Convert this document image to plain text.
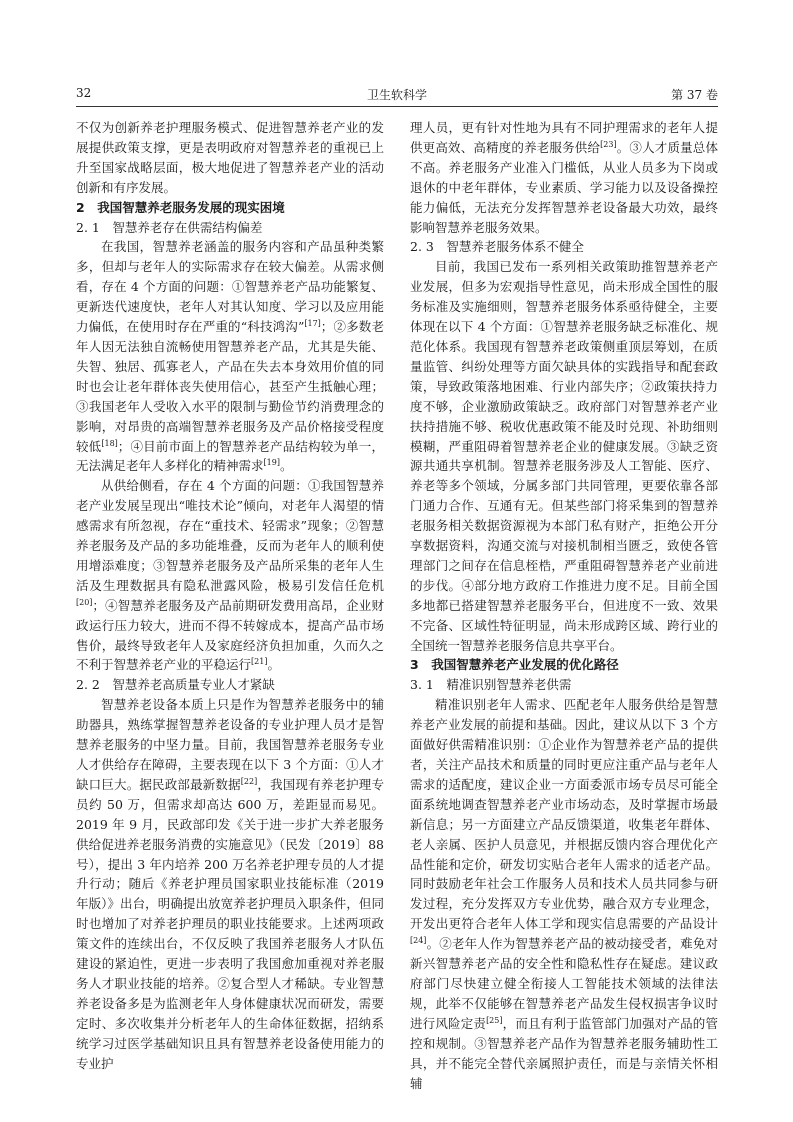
32	卫生软科学	第 37 卷

不仅为创新养老护理服务模式、促进智慧养老产业的发展提供政策支撑，更是表明政府对智慧养老的重视已上升至国家战略层面，极大地促进了智慧养老产业的活动创新和有序发展。

2　我国智慧养老服务发展的现实困境
2. 1　智慧养老存在供需结构偏差

在我国，智慧养老涵盖的服务内容和产品虽种类繁多，但却与老年人的实际需求存在较大偏差。从需求侧看，存在 4 个方面的问题：①智慧养老产品功能繁复、更新迭代速度快，老年人对其认知度、学习以及应用能力偏低，在使用时存在严重的“科技鸿沟”[17]；②多数老年人因无法独自流畅使用智慧养老产品，尤其是失能、失智、独居、孤寡老人，产品在失去本身效用价值的同时也会让老年群体丧失使用信心，甚至产生抵触心理；③我国老年人受收入水平的限制与勤俭节约消费理念的影响，对昂贵的高端智慧养老服务及产品价格接受程度较低[18]；④目前市面上的智慧养老产品结构较为单一，无法满足老年人多样化的精神需求[19]。

从供给侧看，存在 4 个方面的问题：①我国智慧养老产业发展呈现出“唯技术论”倾向，对老年人渴望的情感需求有所忽视，存在“重技术、轻需求”现象；②智慧养老服务及产品的多功能堆叠，反而为老年人的顺利使用增添难度；③智慧养老服务及产品所采集的老年人生活及生理数据具有隐私泄露风险，极易引发信任危机[20]；④智慧养老服务及产品前期研发费用高昂，企业财政运行压力较大，进而不得不转嫁成本，提高产品市场售价，最终导致老年人及家庭经济负担加重，久而久之不利于智慧养老产业的平稳运行[21]。

2. 2　智慧养老高质量专业人才紧缺

智慧养老设备本质上只是作为智慧养老服务中的辅助器具，熟练掌握智慧养老设备的专业护理人员才是智慧养老服务的中坚力量。目前，我国智慧养老服务专业人才供给存在障碍，主要表现在以下 3 个方面：①人才缺口巨大。据民政部最新数据[22]，我国现有养老护理专员约 50 万，但需求却高达 600 万，差距显而易见。2019 年 9 月，民政部印发《关于进一步扩大养老服务供给促进养老服务消费的实施意见》（民发〔2019〕88 号），提出 3 年内培养 200 万名养老护理专员的人才提升行动；随后《养老护理员国家职业技能标准（2019 年版）》出台，明确提出放宽养老护理员入职条件，但同时也增加了对养老护理员的职业技能要求。上述两项政策文件的连续出台，不仅反映了我国养老服务人才队伍建设的紧迫性，更进一步表明了我国愈加重视对养老服务人才职业技能的培养。②复合型人才稀缺。专业智慧养老设备多是为监测老年人身体健康状况而研发，需要定时、多次收集并分析老年人的生命体征数据，招纳系统学习过医学基础知识且具有智慧养老设备使用能力的专业护

理人员，更有针对性地为具有不同护理需求的老年人提供更高效、高精度的养老服务供给[23]。③人才质量总体不高。养老服务产业准入门槛低，从业人员多为下岗或退休的中老年群体，专业素质、学习能力以及设备操控能力偏低，无法充分发挥智慧养老设备最大功效，最终影响智慧养老服务效果。

2. 3　智慧养老服务体系不健全

目前，我国已发布一系列相关政策助推智慧养老产业发展，但多为宏观指导性意见，尚未形成全国性的服务标准及实施细则，智慧养老服务体系亟待健全，主要体现在以下 4 个方面：①智慧养老服务缺乏标准化、规范化体系。我国现有智慧养老政策侧重顶层筹划，在质量监管、纠纷处理等方面欠缺具体的实践指导和配套政策，导致政策落地困难、行业内部失序；②政策扶持力度不够，企业激励政策缺乏。政府部门对智慧养老产业扶持措施不够、税收优惠政策不能及时兑现、补助细则模糊，严重阻碍着智慧养老企业的健康发展。③缺乏资源共通共享机制。智慧养老服务涉及人工智能、医疗、养老等多个领域，分属多部门共同管理，更要依靠各部门通力合作、互通有无。但某些部门将采集到的智慧养老服务相关数据资源视为本部门私有财产，拒绝公开分享数据资料，沟通交流与对接机制相当匮乏，致使各管理部门之间存在信息桎梏，严重阻碍智慧养老产业前进的步伐。④部分地方政府工作推进力度不足。目前全国多地都已搭建智慧养老服务平台，但进度不一致、效果不完备、区域性特征明显，尚未形成跨区域、跨行业的全国统一智慧养老服务信息共享平台。

3　我国智慧养老产业发展的优化路径
3. 1　精准识别智慧养老供需

精准识别老年人需求、匹配老年人服务供给是智慧养老产业发展的前提和基础。因此，建议从以下 3 个方面做好供需精准识别：①企业作为智慧养老产品的提供者，关注产品技术和质量的同时更应注重产品与老年人需求的适配度，建议企业一方面委派市场专员尽可能全面系统地调查智慧养老产业市场动态，及时掌握市场最新信息；另一方面建立产品反馈渠道，收集老年群体、老人亲属、医护人员意见，并根据反馈内容合理优化产品性能和定价，研发切实贴合老年人需求的适老产品。同时鼓励老年社会工作服务人员和技术人员共同参与研发过程，充分发挥双方专业优势，融合双方专业理念，开发出更符合老年人体工学和现实信息需要的产品设计[24]。②老年人作为智慧养老产品的被动接受者，难免对新兴智慧养老产品的安全性和隐私性存在疑虑。建议政府部门尽快建立健全衔接人工智能技术领域的法律法规，此举不仅能够在智慧养老产品发生侵权损害争议时进行风险定责[25]，而且有利于监管部门加强对产品的管控和规制。③智慧养老产品作为智慧养老服务辅助性工具，并不能完全替代亲属照护责任，而是与亲情关怀相辅
